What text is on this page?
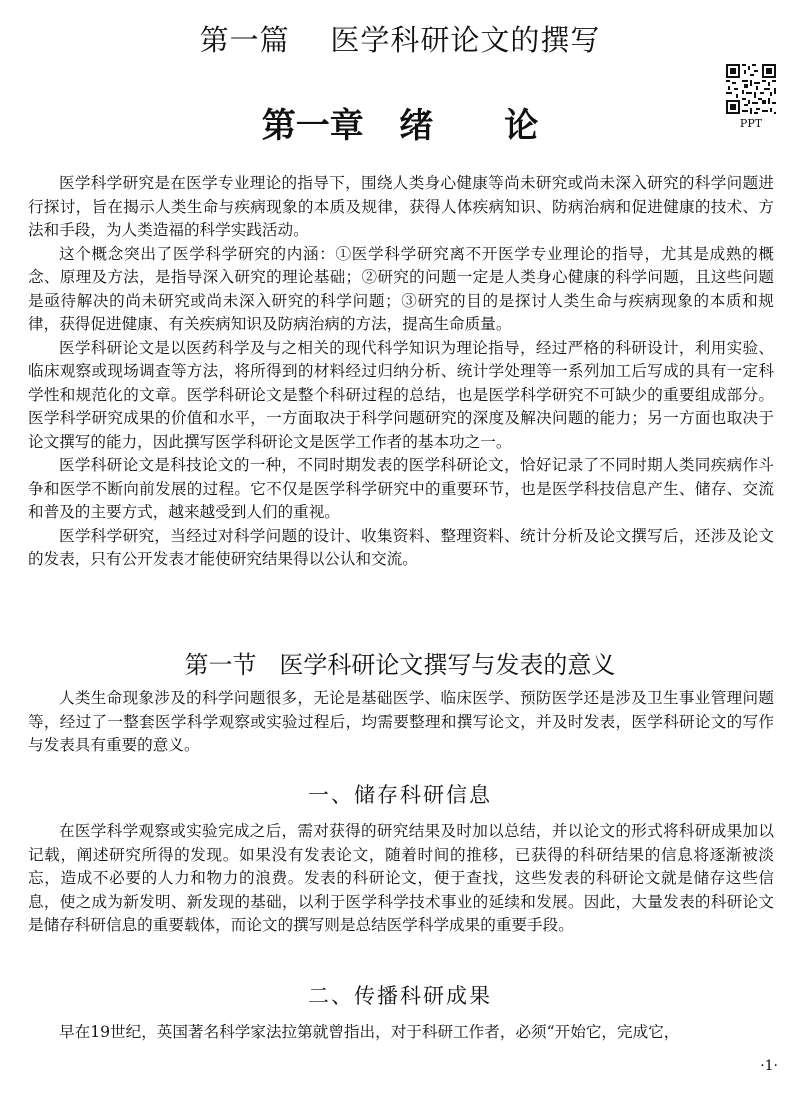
第一篇    医学科研论文的撰写
PPT
第一章   绪      论

医学科学研究是在医学专业理论的指导下，围绕人类身心健康等尚未研究或尚未深入研究的科学问题进行探讨，旨在揭示人类生命与疾病现象的本质及规律，获得人体疾病知识、防病治病和促进健康的技术、方法和手段，为人类造福的科学实践活动。

这个概念突出了医学科学研究的内涵：①医学科学研究离不开医学专业理论的指导，尤其是成熟的概念、原理及方法，是指导深入研究的理论基础；②研究的问题一定是人类身心健康的科学问题，且这些问题是亟待解决的尚未研究或尚未深入研究的科学问题；③研究的目的是探讨人类生命与疾病现象的本质和规律，获得促进健康、有关疾病知识及防病治病的方法，提高生命质量。

医学科研论文是以医药科学及与之相关的现代科学知识为理论指导，经过严格的科研设计，利用实验、临床观察或现场调查等方法，将所得到的材料经过归纳分析、统计学处理等一系列加工后写成的具有一定科学性和规范化的文章。医学科研论文是整个科研过程的总结，也是医学科学研究不可缺少的重要组成部分。医学科学研究成果的价值和水平，一方面取决于科学问题研究的深度及解决问题的能力；另一方面也取决于论文撰写的能力，因此撰写医学科研论文是医学工作者的基本功之一。

医学科研论文是科技论文的一种，不同时期发表的医学科研论文，恰好记录了不同时期人类同疾病作斗争和医学不断向前发展的过程。它不仅是医学科学研究中的重要环节，也是医学科技信息产生、储存、交流和普及的主要方式，越来越受到人们的重视。

医学科学研究，当经过对科学问题的设计、收集资料、整理资料、统计分析及论文撰写后，还涉及论文的发表，只有公开发表才能使研究结果得以公认和交流。

第一节   医学科研论文撰写与发表的意义

人类生命现象涉及的科学问题很多，无论是基础医学、临床医学、预防医学还是涉及卫生事业管理问题等，经过了一整套医学科学观察或实验过程后，均需要整理和撰写论文，并及时发表，医学科研论文的写作与发表具有重要的意义。

一、储存科研信息

在医学科学观察或实验完成之后，需对获得的研究结果及时加以总结，并以论文的形式将科研成果加以记载，阐述研究所得的发现。如果没有发表论文，随着时间的推移，已获得的科研结果的信息将逐渐被淡忘，造成不必要的人力和物力的浪费。发表的科研论文，便于查找，这些发表的科研论文就是储存这些信息，使之成为新发明、新发现的基础，以利于医学科学技术事业的延续和发展。因此，大量发表的科研论文是储存科研信息的重要载体，而论文的撰写则是总结医学科学成果的重要手段。

二、传播科研成果

早在19世纪，英国著名科学家法拉第就曾指出，对于科研工作者，必须“开始它，完成它，

·1·
